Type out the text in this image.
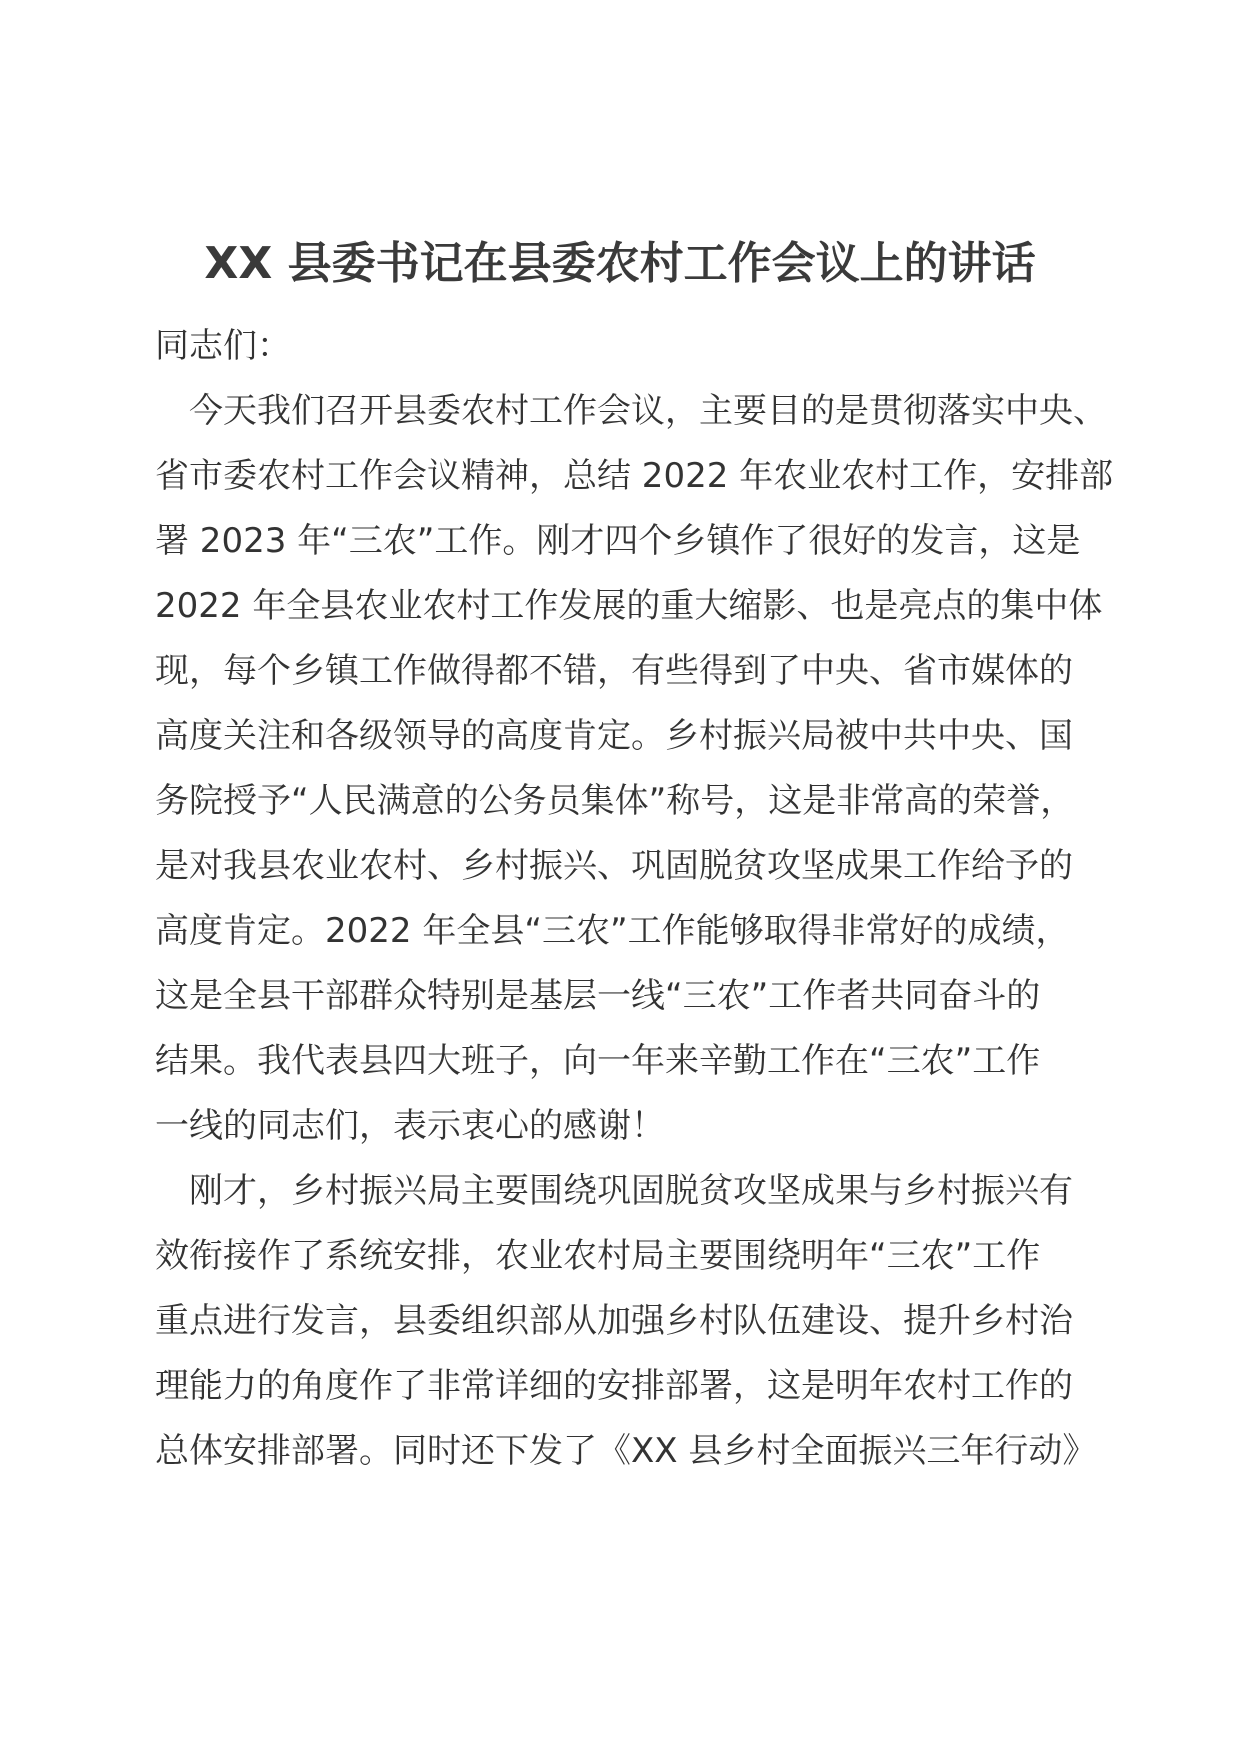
XX 县委书记在县委农村工作会议上的讲话
同志们：
今天我们召开县委农村工作会议，主要目的是贯彻落实中央、
省市委农村工作会议精神，总结 2022 年农业农村工作，安排部
署 2023 年“三农”工作。刚才四个乡镇作了很好的发言，这是
2022 年全县农业农村工作发展的重大缩影、也是亮点的集中体
现，每个乡镇工作做得都不错，有些得到了中央、省市媒体的
高度关注和各级领导的高度肯定。乡村振兴局被中共中央、国
务院授予“人民满意的公务员集体”称号，这是非常高的荣誉，
是对我县农业农村、乡村振兴、巩固脱贫攻坚成果工作给予的
高度肯定。2022 年全县“三农”工作能够取得非常好的成绩，
这是全县干部群众特别是基层一线“三农”工作者共同奋斗的
结果。我代表县四大班子，向一年来辛勤工作在“三农”工作
一线的同志们，表示衷心的感谢！
刚才，乡村振兴局主要围绕巩固脱贫攻坚成果与乡村振兴有
效衔接作了系统安排，农业农村局主要围绕明年“三农”工作
重点进行发言，县委组织部从加强乡村队伍建设、提升乡村治
理能力的角度作了非常详细的安排部署，这是明年农村工作的
总体安排部署。同时还下发了《XX 县乡村全面振兴三年行动》
